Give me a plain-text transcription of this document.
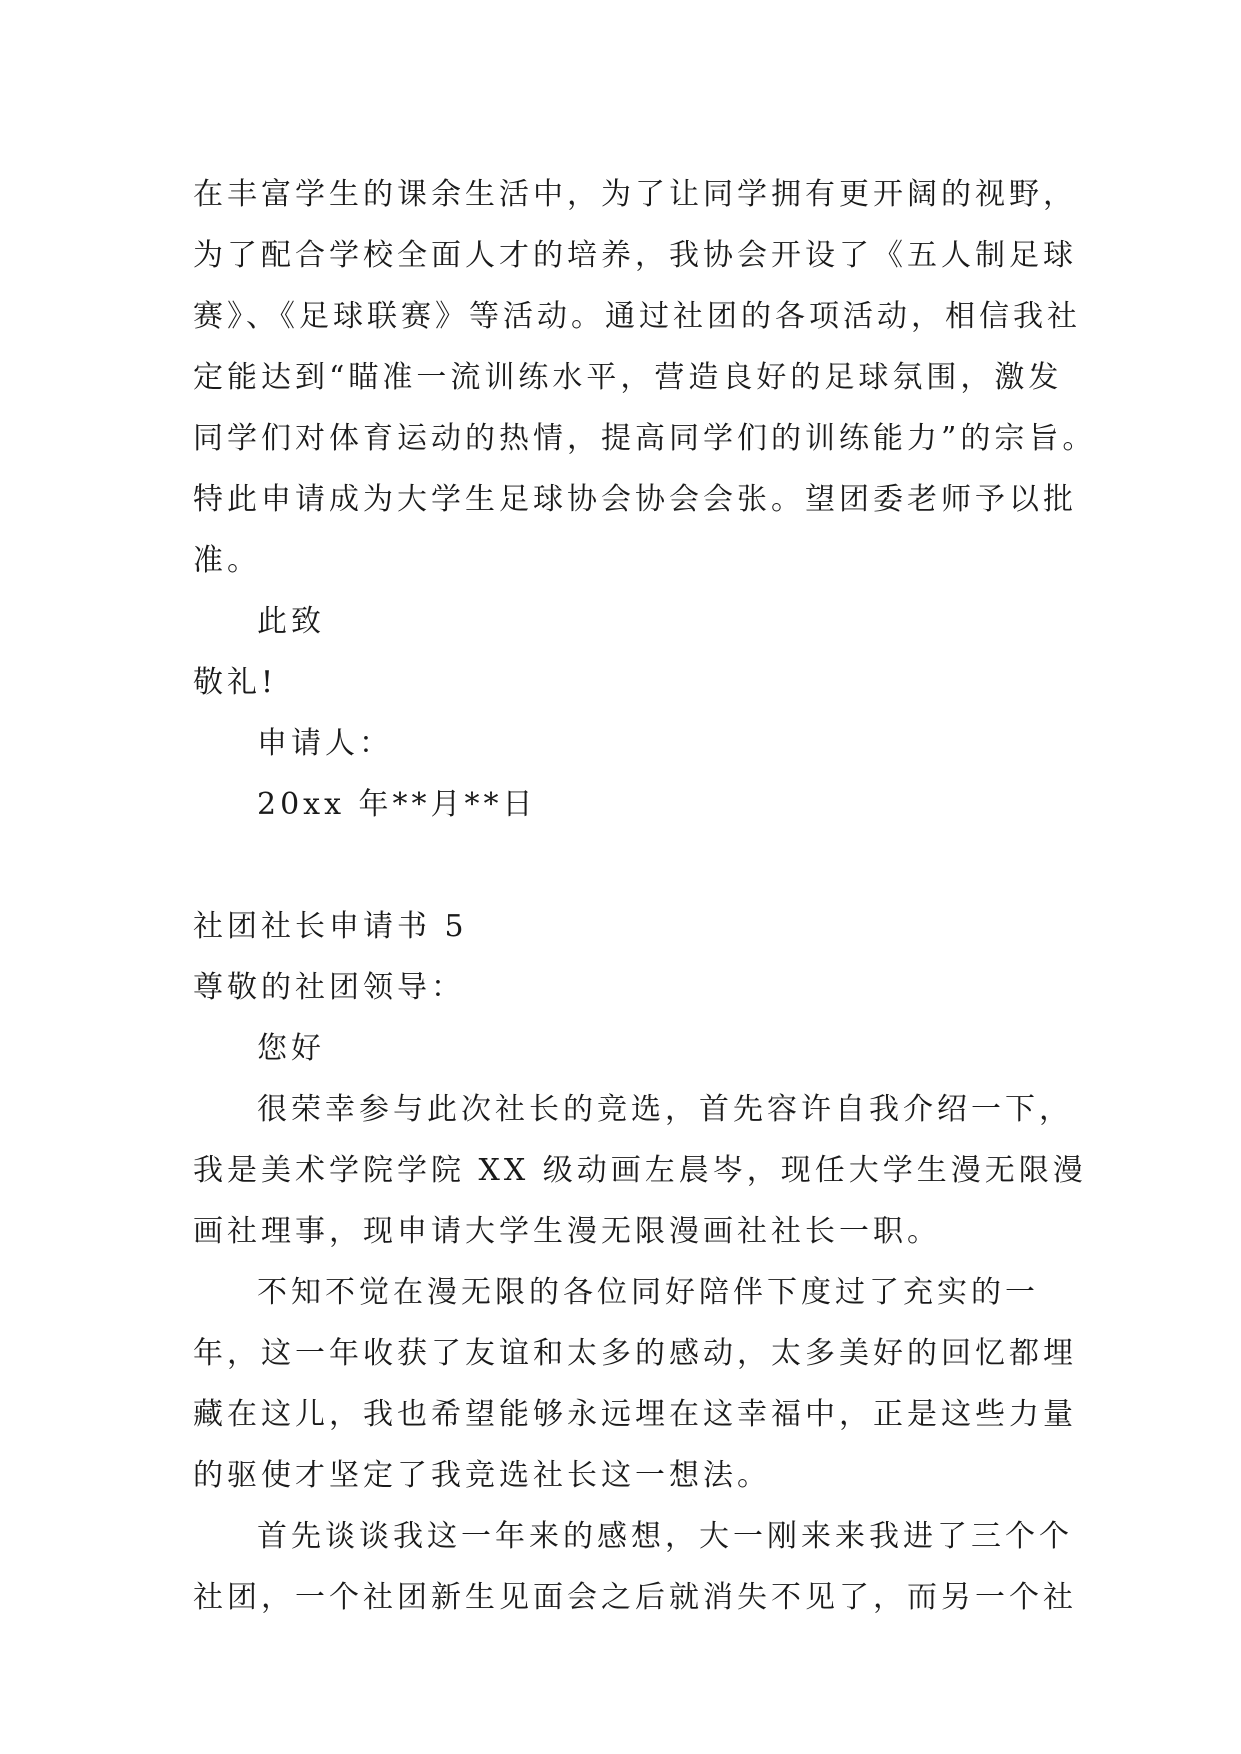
在丰富学生的课余生活中，为了让同学拥有更开阔的视野，
为了配合学校全面人才的培养，我协会开设了《五人制足球
赛》、《足球联赛》等活动。通过社团的各项活动，相信我社
定能达到“瞄准一流训练水平，营造良好的足球氛围，激发
同学们对体育运动的热情，提高同学们的训练能力”的宗旨。
特此申请成为大学生足球协会协会会张。望团委老师予以批
准。
此致
敬礼!
申请人：
20xx 年**月**日
社团社长申请书 5
尊敬的社团领导：
您好
很荣幸参与此次社长的竞选，首先容许自我介绍一下，
我是美术学院学院 XX 级动画左晨岑，现任大学生漫无限漫
画社理事，现申请大学生漫无限漫画社社长一职。
不知不觉在漫无限的各位同好陪伴下度过了充实的一
年，这一年收获了友谊和太多的感动，太多美好的回忆都埋
藏在这儿，我也希望能够永远埋在这幸福中，正是这些力量
的驱使才坚定了我竞选社长这一想法。
首先谈谈我这一年来的感想，大一刚来来我进了三个个
社团，一个社团新生见面会之后就消失不见了，而另一个社
